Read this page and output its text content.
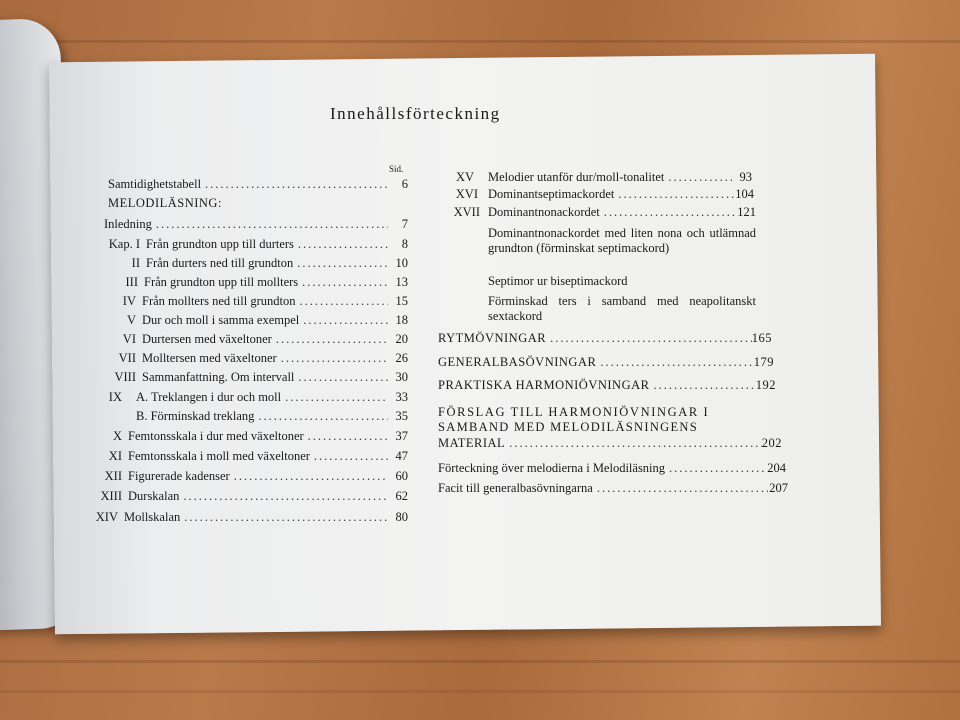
Innehållsförteckning
Sid.
Samtidighetstabell .....	6

MELODILÄSNING:

Inledning .....	7
Kap. I Från grundton upp till durters .....	8
II Från durters ned till grundton .....	10
III Från grundton upp till mollters .....	13
IV Från mollters ned till grundton .....	15
V Dur och moll i samma exempel .....	18
VI Durtersen med växeltoner .....	20
VII Molltersen med växeltoner .....	26
VIII Sammanfattning. Om intervall .....	30
IX	A. Treklangen i dur och moll .....	33
B. Förminskad treklang .....	35
X Femtonsskala i dur med växeltoner .....	37
XI Femtonsskala i moll med växeltoner .....	47
XII Figurerade kadenser .....	60
XIII Durskalan .....	62
XIV Mollskalan .....	80
XV	Melodier utanför dur/moll-tonalitet .....	93
XVI Dominantseptimackordet .....	104
XVII Dominantnonackordet .....	121
Dominantnonackordet med liten nona och utlämnad grundton (förminskat septimackord)
Septimor ur biseptimackord
Förminskad ters i samband med neapolitanskt sextackord
RYTMÖVNINGAR .....	165
GENERALBASÖVNINGAR .....	179
PRAKTISKA HARMONIÖVNINGAR .....	192
FÖRSLAG TILL HARMONIÖVNINGAR I
SAMBAND MED MELODILÄSNINGENS
MATERIAL .....	202
Förteckning över melodierna i Melodiläsning .....	204
Facit till generalbasövningarna .....	207
